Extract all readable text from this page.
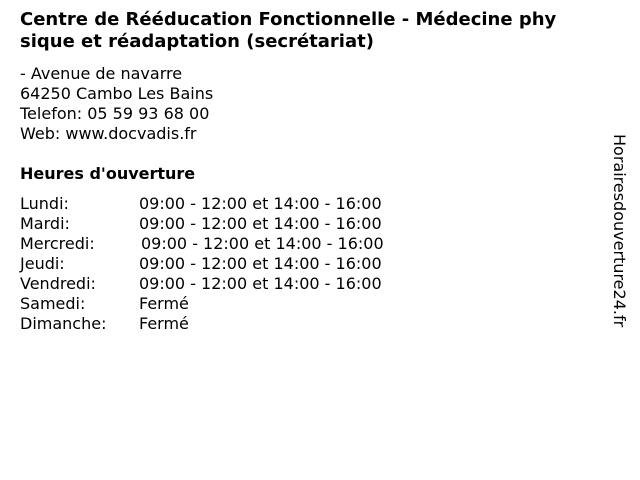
Centre de Rééducation Fonctionnelle - Médecine phy
sique et réadaptation (secrétariat)
- Avenue de navarre
64250 Cambo Les Bains
Telefon: 05 59 93 68 00
Web: www.docvadis.fr
Heures d'ouverture
Lundi:	09:00 - 12:00 et 14:00 - 16:00
Mardi:	09:00 - 12:00 et 14:00 - 16:00
Mercredi:	09:00 - 12:00 et 14:00 - 16:00
Jeudi:	09:00 - 12:00 et 14:00 - 16:00
Vendredi:	09:00 - 12:00 et 14:00 - 16:00
Samedi:	Fermé
Dimanche: Fermé	Horairesdouverture24.fr
